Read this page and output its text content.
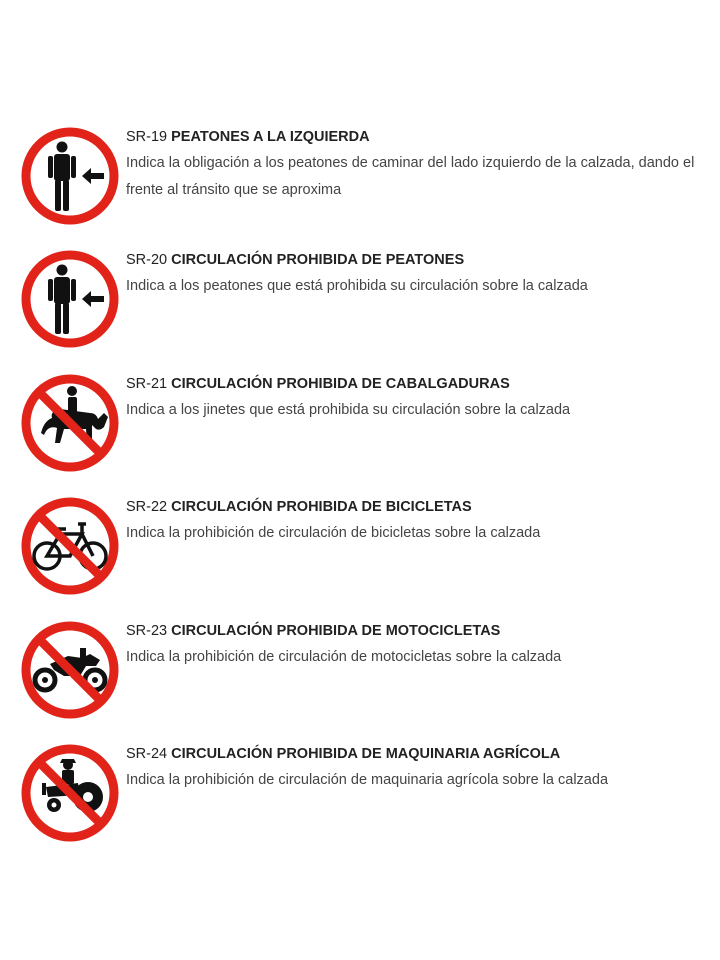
SR-19 PEATONES A LA IZQUIERDA

Indica la obligación a los peatones de caminar del lado izquierdo de la calzada, dando el frente al tránsito que se aproxima

SR-20 CIRCULACIÓN PROHIBIDA DE PEATONES

Indica a los peatones que está prohibida su circulación sobre la calzada

SR-21 CIRCULACIÓN PROHIBIDA DE CABALGADURAS

Indica a los jinetes que está prohibida su circulación sobre la calzada

SR-22 CIRCULACIÓN PROHIBIDA DE BICICLETAS

Indica la prohibición de circulación de bicicletas sobre la calzada

SR-23 CIRCULACIÓN PROHIBIDA DE MOTOCICLETAS

Indica la prohibición de circulación de motocicletas sobre la calzada

SR-24 CIRCULACIÓN PROHIBIDA DE MAQUINARIA AGRÍCOLA

Indica la prohibición de circulación de maquinaria agrícola sobre la calzada
